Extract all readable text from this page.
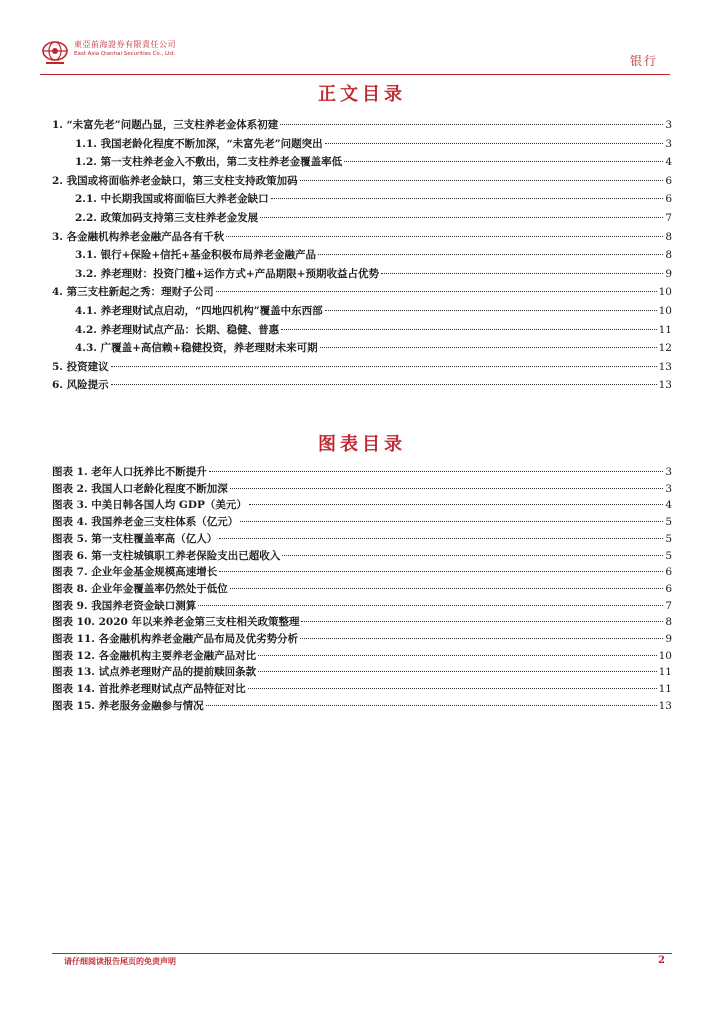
東亞前海證券有限責任公司
East Asia Qianhai Securities Co., Ltd.	银行
正文目录
1. “未富先老”问题凸显，三支柱养老金体系初建	3
1.1. 我国老龄化程度不断加深，“未富先老”问题突出	3
1.2. 第一支柱养老金入不敷出，第二支柱养老金覆盖率低	4
2. 我国或将面临养老金缺口，第三支柱支持政策加码	6
2.1. 中长期我国或将面临巨大养老金缺口	6
2.2. 政策加码支持第三支柱养老金发展	7
3. 各金融机构养老金融产品各有千秋	8
3.1. 银行+保险+信托+基金积极布局养老金融产品	8
3.2. 养老理财：投资门槛+运作方式+产品期限+预期收益占优势	9
4. 第三支柱新起之秀：理财子公司	10
4.1. 养老理财试点启动，“四地四机构”覆盖中东西部	10
4.2. 养老理财试点产品：长期、稳健、普惠	11
4.3. 广覆盖+高信赖+稳健投资，养老理财未来可期	12
5. 投资建议	13
6. 风险提示	13
图表目录
图表 1. 老年人口抚养比不断提升	3
图表 2. 我国人口老龄化程度不断加深	3
图表 3. 中美日韩各国人均 GDP（美元）	4
图表 4. 我国养老金三支柱体系（亿元）	5
图表 5. 第一支柱覆盖率高（亿人）	5
图表 6. 第一支柱城镇职工养老保险支出已超收入	5
图表 7. 企业年金基金规模高速增长	6
图表 8. 企业年金覆盖率仍然处于低位	6
图表 9. 我国养老资金缺口测算	7
图表 10. 2020 年以来养老金第三支柱相关政策整理	8
图表 11. 各金融机构养老金融产品布局及优劣势分析	9
图表 12. 各金融机构主要养老金融产品对比	10
图表 13. 试点养老理财产品的提前赎回条款	11
图表 14. 首批养老理财试点产品特征对比	11
图表 15. 养老服务金融参与情况	13
请仔细阅读报告尾页的免责声明	2
